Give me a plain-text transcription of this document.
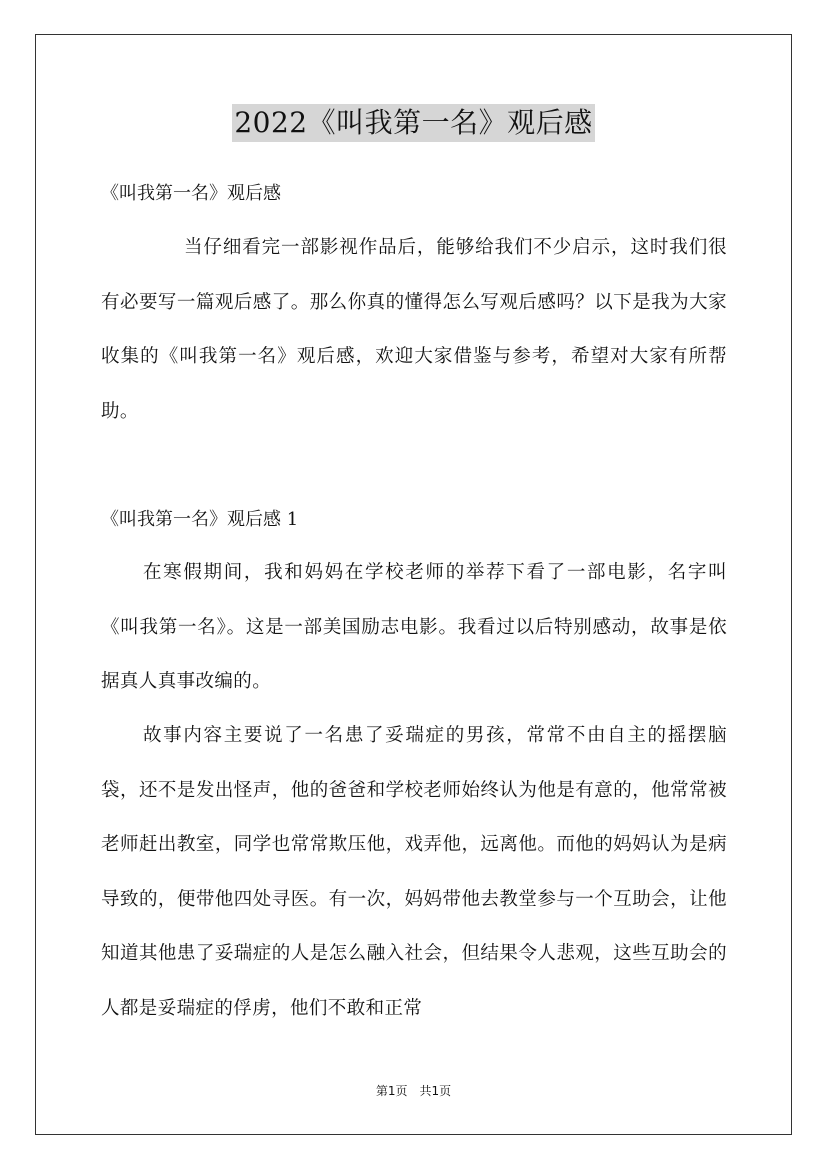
2022《叫我第一名》观后感
《叫我第一名》观后感
当仔细看完一部影视作品后，能够给我们不少启示，这时我们很有必要写一篇观后感了。那么你真的懂得怎么写观后感吗？以下是我为大家收集的《叫我第一名》观后感，欢迎大家借鉴与参考，希望对大家有所帮助。
《叫我第一名》观后感 1
在寒假期间，我和妈妈在学校老师的举荐下看了一部电影，名字叫《叫我第一名》。这是一部美国励志电影。我看过以后特别感动，故事是依据真人真事改编的。
故事内容主要说了一名患了妥瑞症的男孩，常常不由自主的摇摆脑袋，还不是发出怪声，他的爸爸和学校老师始终认为他是有意的，他常常被老师赶出教室，同学也常常欺压他，戏弄他，远离他。而他的妈妈认为是病导致的，便带他四处寻医。有一次，妈妈带他去教堂参与一个互助会，让他知道其他患了妥瑞症的人是怎么融入社会，但结果令人悲观，这些互助会的人都是妥瑞症的俘虏，他们不敢和正常
第1页　共1页
